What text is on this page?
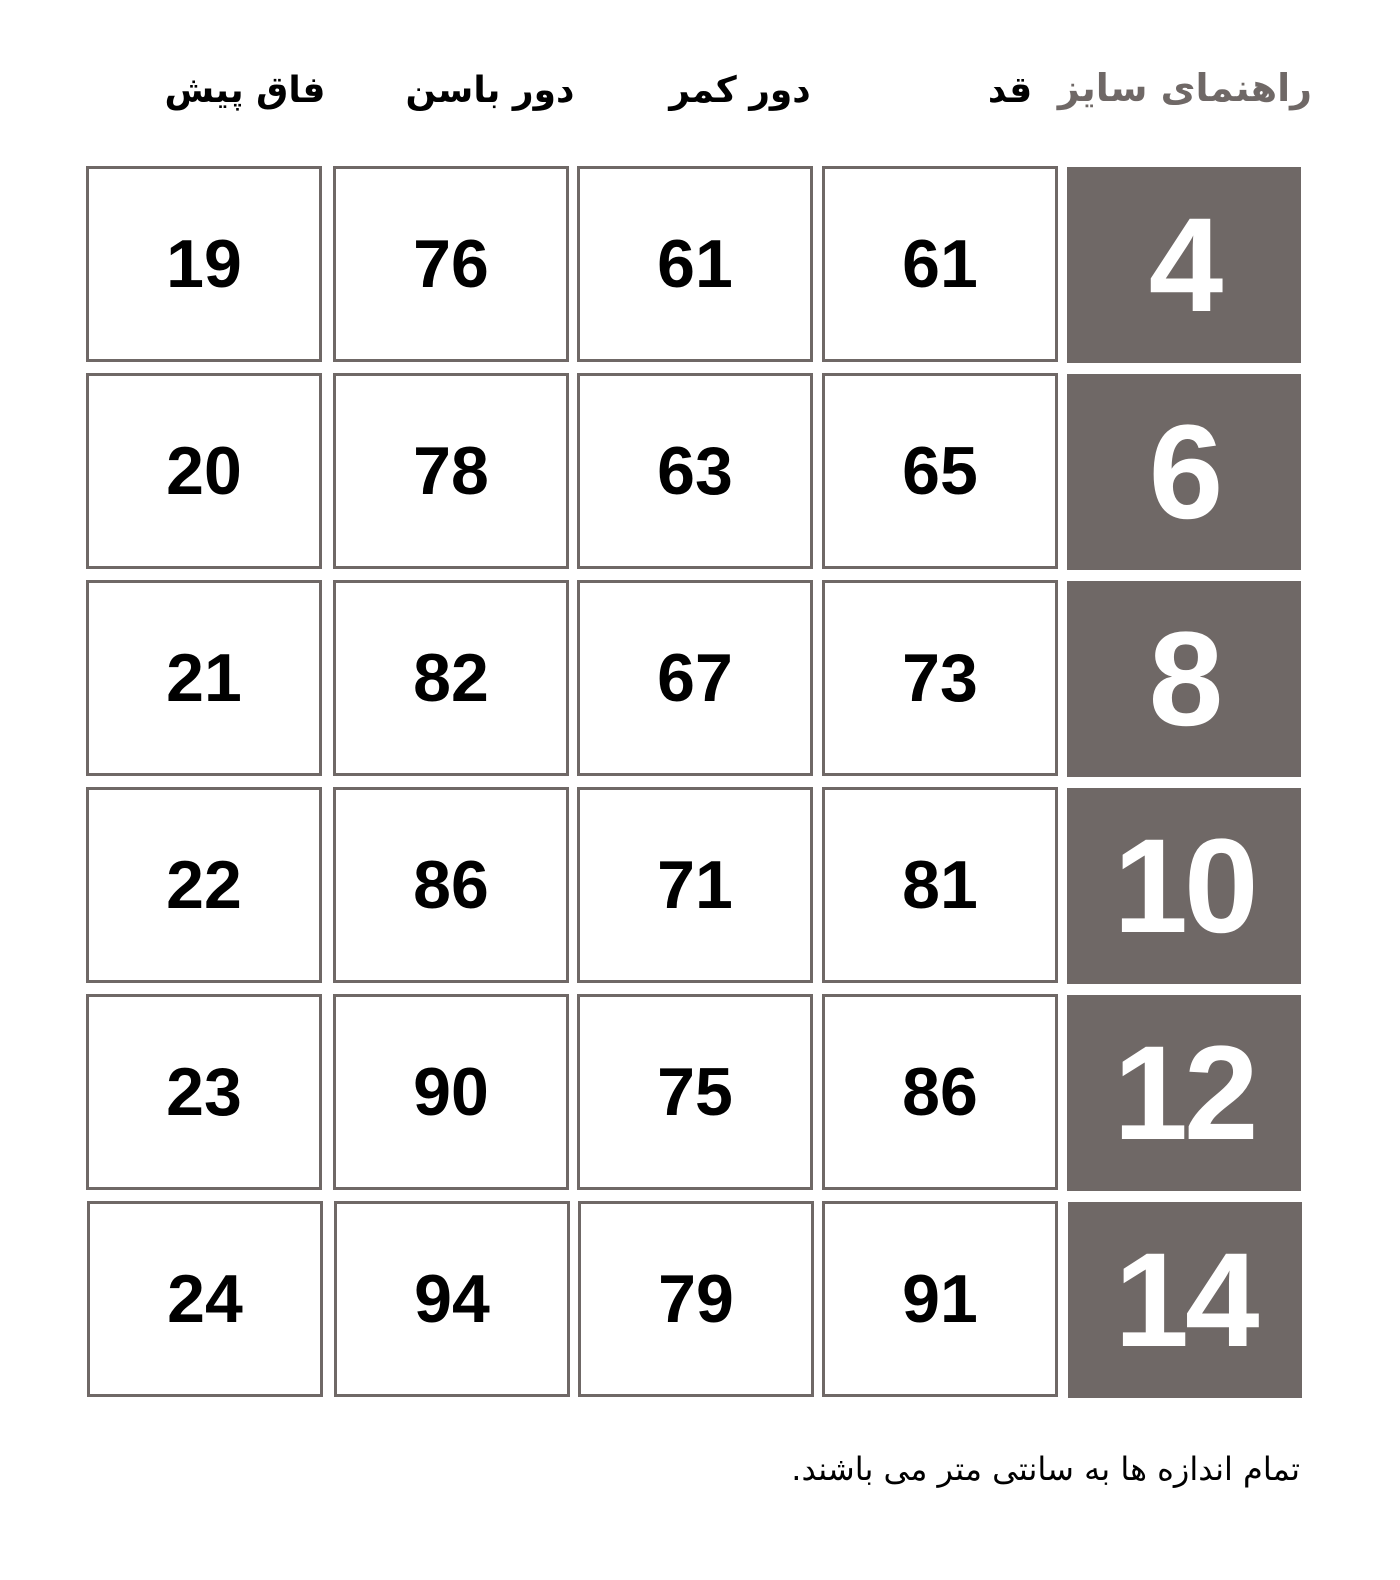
راهنمای سایز
قد
دور کمر
دور باسن
فاق پیش
4
61
61
76
19
6
65
63
78
20
8
73
67
82
21
10
81
71
86
22
12
86
75
90
23
14
91
79
94
24
تمام اندازه ها به سانتی متر می باشند.
